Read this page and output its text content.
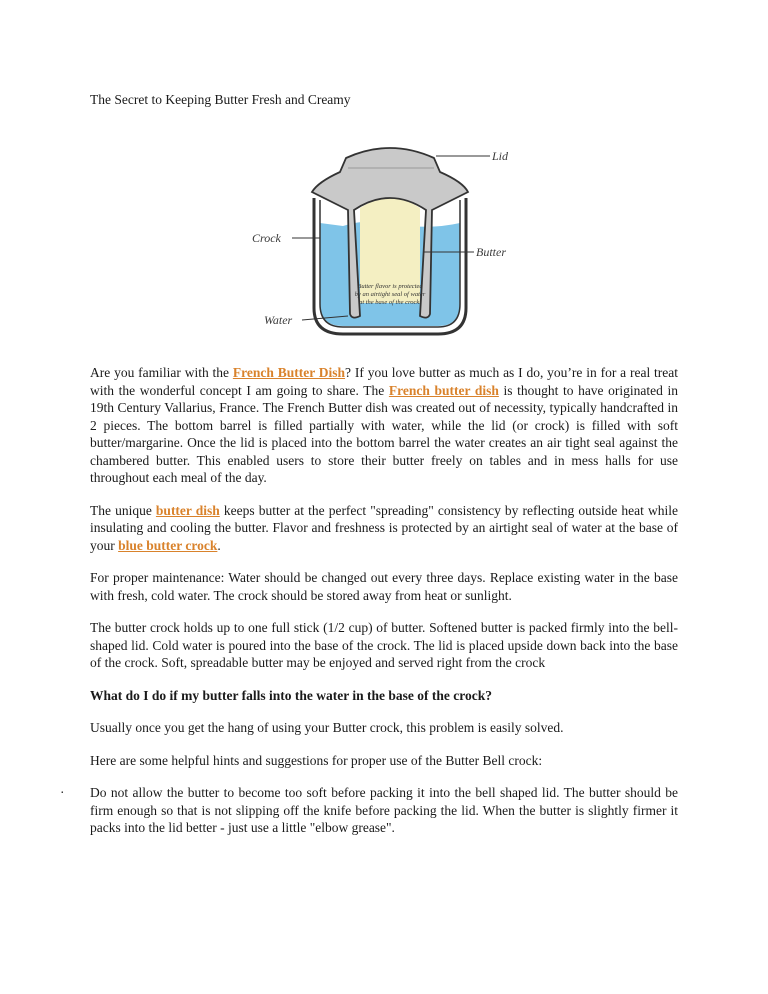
The Secret to Keeping Butter Fresh and Creamy
Butter flavor is protected
by an airtight seal of water
at the base of the crock.
Lid
Crock
Butter
Water

Are you familiar with the French Butter Dish? If you love butter as much as I do, you’re in for a real treat with the wonderful concept I am going to share. The French butter dish is thought to have originated in 19th Century Vallarius, France. The French Butter dish was created out of necessity, typically handcrafted in 2 pieces. The bottom barrel is filled partially with water, while the lid (or crock) is filled with soft butter/margarine. Once the lid is placed into the bottom barrel the water creates an air tight seal against the chambered butter. This enabled users to store their butter freely on tables and in mess halls for use throughout each meal of the day.

The unique butter dish keeps butter at the perfect "spreading" consistency by reflecting outside heat while insulating and cooling the butter. Flavor and freshness is protected by an airtight seal of water at the base of your blue butter crock.

For proper maintenance: Water should be changed out every three days. Replace existing water in the base with fresh, cold water. The crock should be stored away from heat or sunlight.

The butter crock holds up to one full stick (1/2 cup) of butter. Softened butter is packed firmly into the bell-shaped lid. Cold water is poured into the base of the crock. The lid is placed upside down back into the base of the crock. Soft, spreadable butter may be enjoyed and served right from the crock

What do I do if my butter falls into the water in the base of the crock?

Usually once you get the hang of using your Butter crock, this problem is easily solved.

Here are some helpful hints and suggestions for proper use of the Butter Bell crock:

· Do not allow the butter to become too soft before packing it into the bell shaped lid. The butter should be firm enough so that is not slipping off the knife before packing the lid. When the butter is slightly firmer it packs into the lid better - just use a little "elbow grease".
